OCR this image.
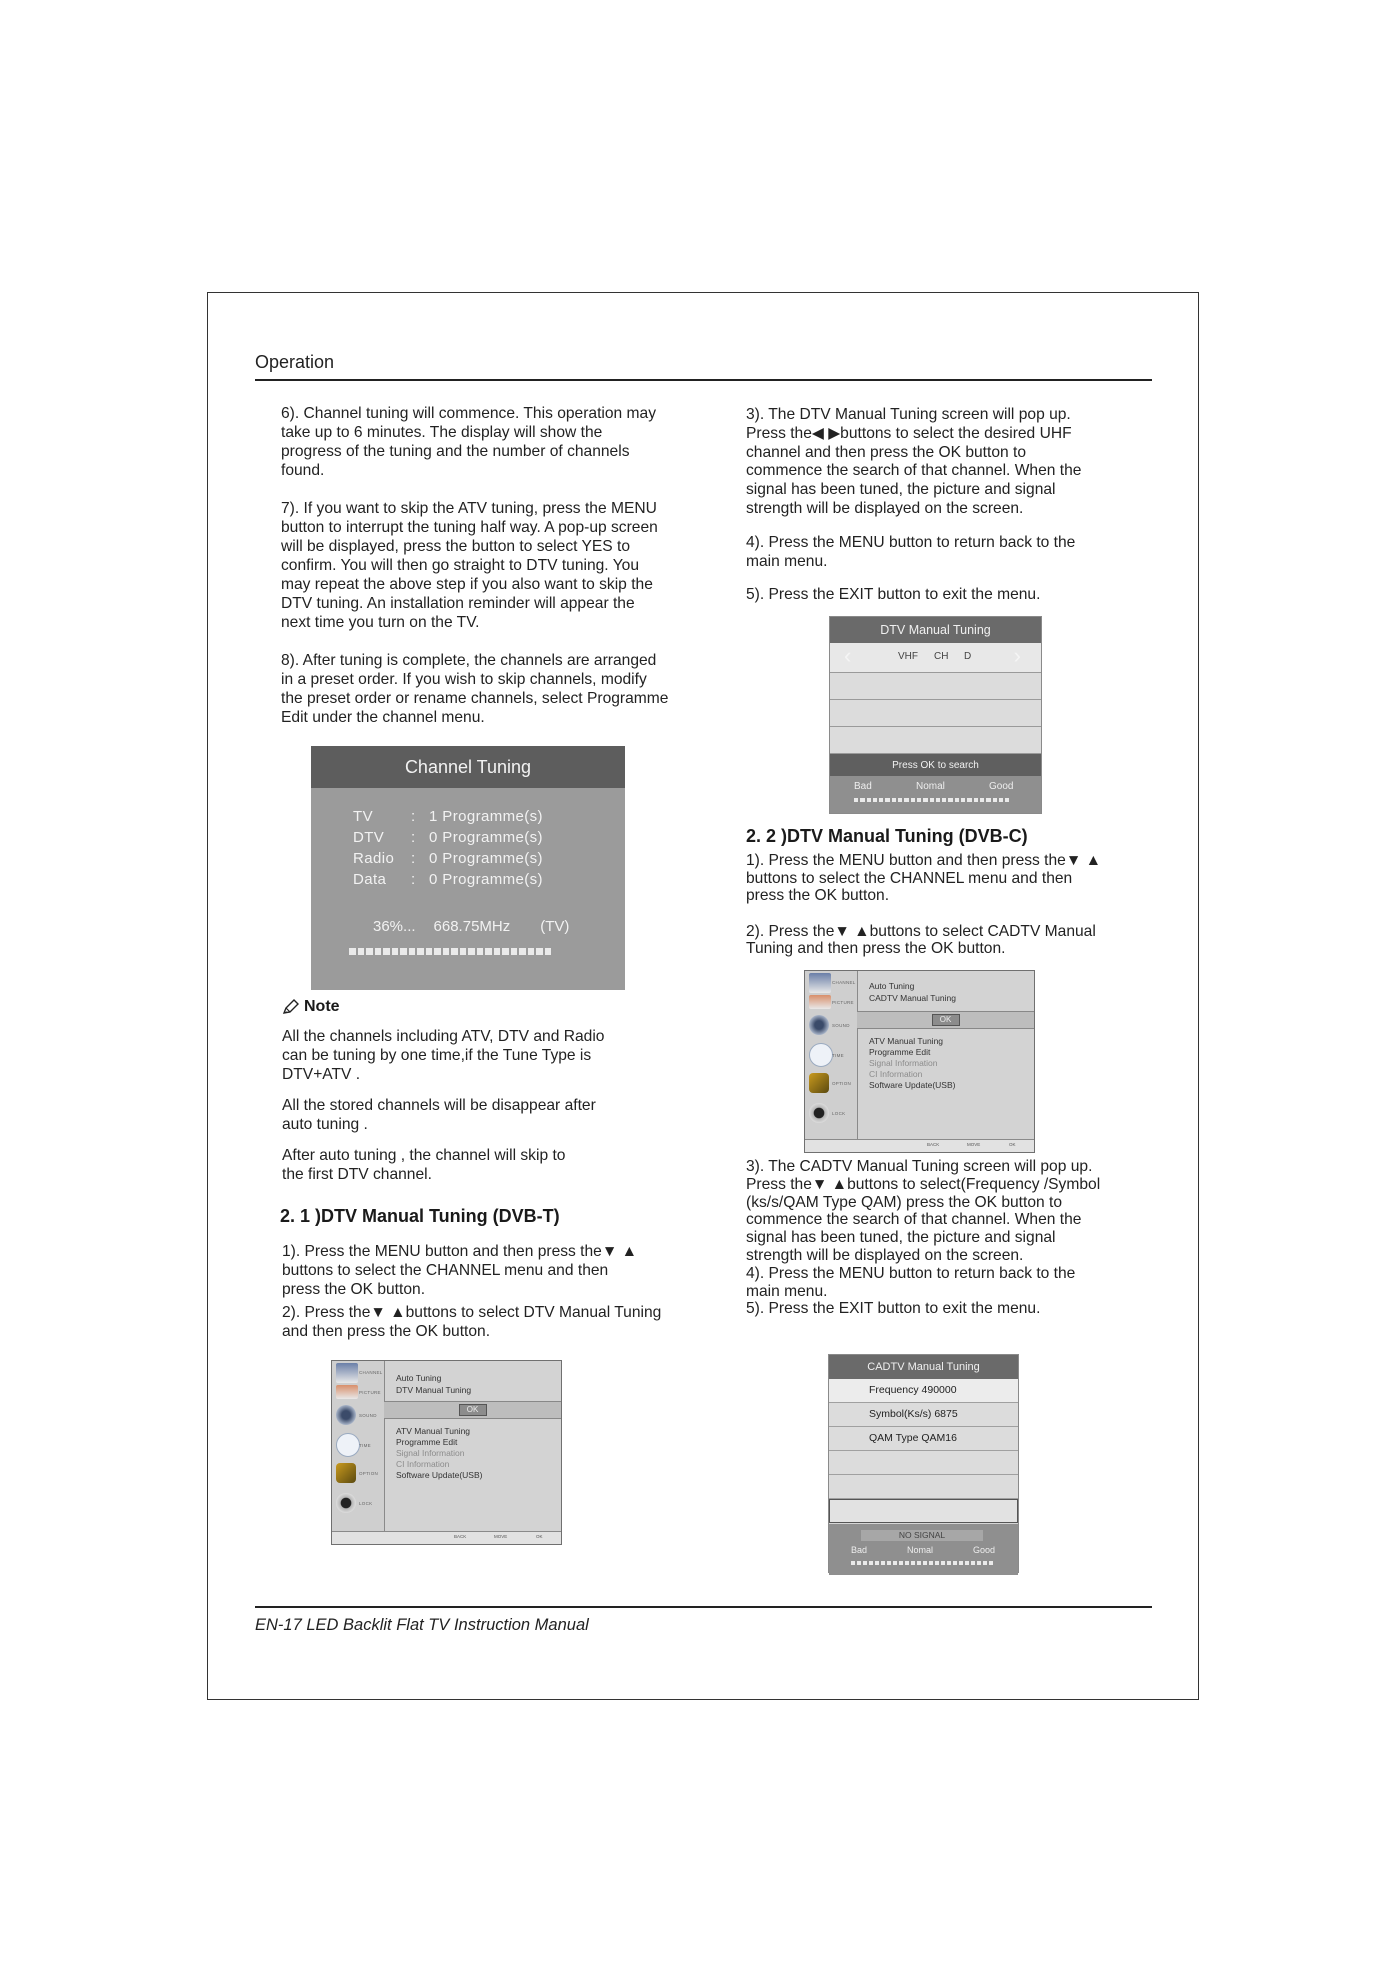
Operation

6). Channel tuning will commence. This operation may
take up to 6 minutes. The display will show the
progress of the tuning and the number of channels
found.

7). If you want to skip the ATV tuning, press the MENU
button to interrupt the tuning half way. A pop-up screen
will be displayed, press the button to select YES to
confirm. You will then go straight to DTV tuning. You
may repeat the above step if you also want to skip the
DTV tuning. An installation reminder will appear the
next time you turn on the TV.

8). After tuning is complete, the channels are arranged
in a preset order. If you wish to skip channels, modify
the preset order or rename channels, select Programme
Edit under the channel menu.

Channel Tuning
TV	: 1 Programme(s)
DTV : 0 Programme(s)
Radio : 0 Programme(s)
Data : 0 Programme(s)
36%... 668.75MHz (TV)
Note

All the channels including ATV, DTV and Radio
can be tuning by one time,if the Tune Type is
DTV+ATV .

All the stored channels will be disappear after
auto tuning .

After auto tuning , the channel will skip to
the first DTV channel.

2. 1 )DTV Manual Tuning (DVB-T)

1). Press the MENU button and then press the▼ ▲
buttons to select the CHANNEL menu and then
press the OK button.

2). Press the▼ ▲buttons to select DTV Manual Tuning
and then press the OK button.

CHANNEL
PICTURE
SOUND
TIME
OPTION
LOCK
Auto Tuning
DTV Manual Tuning
OK
ATV Manual Tuning
Programme Edit
Signal Information
CI Information
Software Update(USB)
BACK	MOVE	OK

3). The DTV Manual Tuning screen will pop up.
Press the◀ ▶buttons to select the desired UHF
channel and then press the OK button to
commence the search of that channel. When the
signal has been tuned, the picture and signal
strength will be displayed on the screen.

4). Press the MENU button to return back to the
main menu.

5). Press the EXIT button to exit the menu.

DTV Manual Tuning
‹	VHF CH D ›
Press OK to search
Bad	Nomal	Good
2. 2 )DTV Manual Tuning (DVB-C)

1). Press the MENU button and then press the▼ ▲
buttons to select the CHANNEL menu and then
press the OK button.

2). Press the▼ ▲buttons to select CADTV Manual
Tuning and then press the OK button.

CHANNEL
PICTURE
SOUND
TIME
OPTION
LOCK
Auto Tuning
CADTV Manual Tuning
OK
ATV Manual Tuning
Programme Edit
Signal Information
CI Information
Software Update(USB)
BACK	MOVE	OK

3). The CADTV Manual Tuning screen will pop up.
Press the▼ ▲buttons to select(Frequency /Symbol
(ks/s/QAM Type QAM) press the OK button to
commence the search of that channel. When the
signal has been tuned, the picture and signal
strength will be displayed on the screen.
4). Press the MENU button to return back to the
main menu.
5). Press the EXIT button to exit the menu.

CADTV Manual Tuning
Frequency 490000
Symbol(Ks/s) 6875
QAM Type QAM16
NO SIGNAL
Bad	Nomal	Good
EN-17 LED Backlit Flat TV Instruction Manual
